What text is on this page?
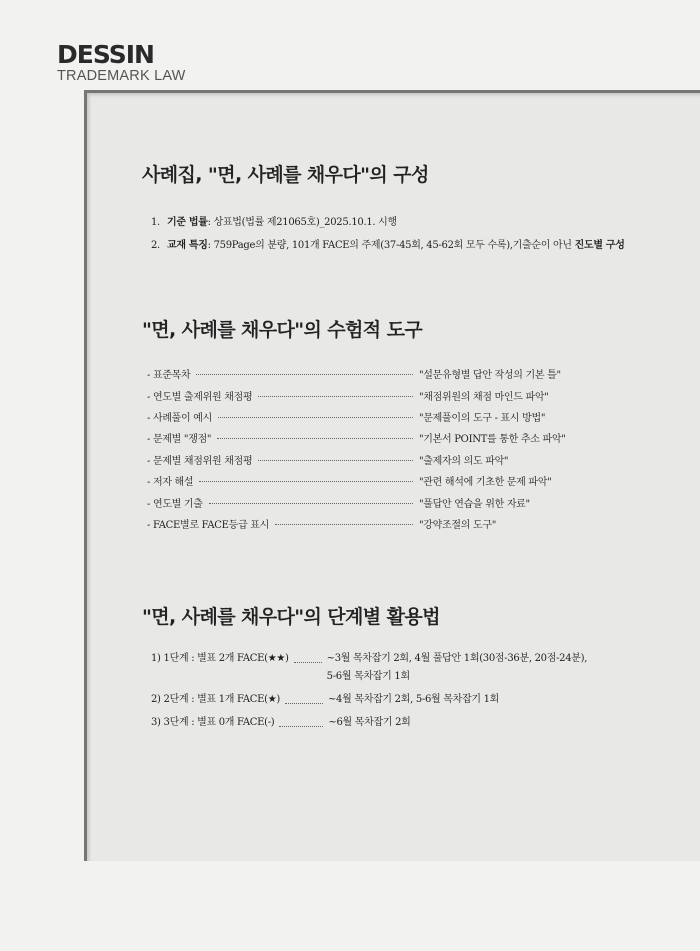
DESSIN
TRADEMARK LAW
사례집, "면, 사례를 채우다"의 구성
1. 기준 법률: 상표법(법률 제21065호)_2025.10.1. 시행
2. 교재 특징: 759Page의 분량, 101개 FACE의 주제(37-45회, 45-62회 모두 수록),기출순이 아닌 진도별 구성
"면, 사례를 채우다"의 수험적 도구
- 표준목차	"설문유형별 답안 작성의 기본 틀"
- 연도별 출제위원 채점평	"채점위원의 채점 마인드 파악"
- 사례풀이 예시	"문제풀이의 도구 - 표시 방법"
- 문제별 "쟁점"	"기본서 POINT를 통한 추소 파악"
- 문제별 채점위원 채점평	"출제자의 의도 파악"
- 저자 해설	"관련 해석에 기초한 문제 파악"
- 연도별 기출	"풀답안 연습을 위한 자료"
- FACE별로 FACE등급 표시	"강약조절의 도구"
"면, 사례를 채우다"의 단계별 활용법
1) 1단계 : 별표 2개 FACE(★★)	~3월 목차잡기 2회, 4월 풀답안 1회(30점-36분, 20점-24분),
5-6월 목차잡기 1회
2) 2단계 : 별표 1개 FACE(★)	~4월 목차잡기 2회, 5-6월 목차잡기 1회
3) 3단계 : 별표 0개 FACE(-)	~6월 목차잡기 2회
